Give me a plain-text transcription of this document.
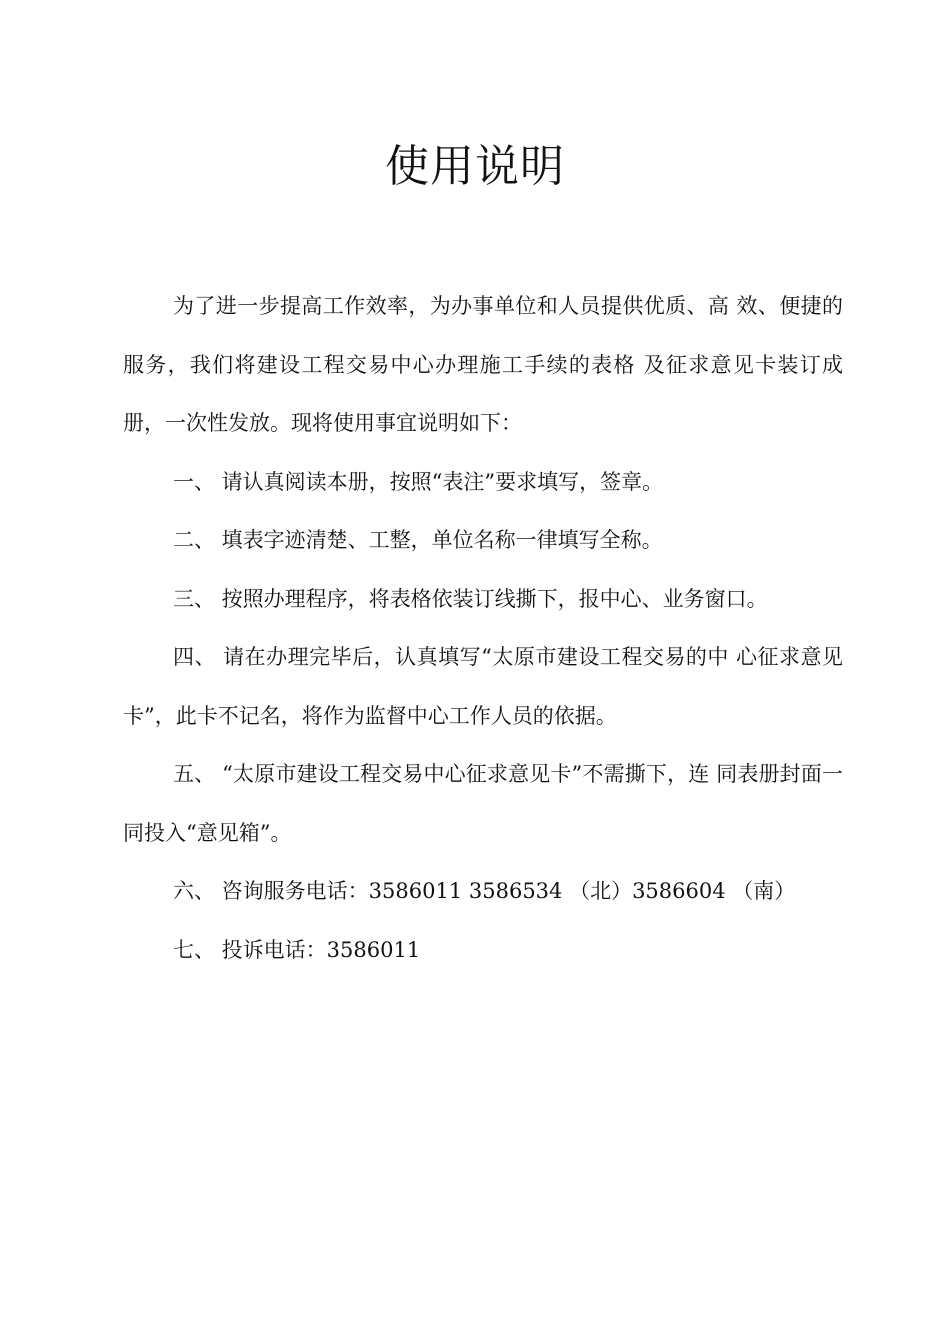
使用说明

为了进一步提高工作效率，为办事单位和人员提供优质、高 效、便捷的服务，我们将建设工程交易中心办理施工手续的表格 及征求意见卡装订成册，一次性发放。现将使用事宜说明如下：

一、 请认真阅读本册，按照“表注”要求填写，签章。

二、 填表字迹清楚、工整，单位名称一律填写全称。

三、 按照办理程序，将表格依装订线撕下，报中心、业务窗口。

四、 请在办理完毕后，认真填写“太原市建设工程交易的中 心征求意见卡”，此卡不记名，将作为监督中心工作人员的依据。

五、 “太原市建设工程交易中心征求意见卡”不需撕下，连 同表册封面一同投入“意见箱”。

六、 咨询服务电话：3586011 3586534 （北）3586604 （南）

七、 投诉电话：3586011
